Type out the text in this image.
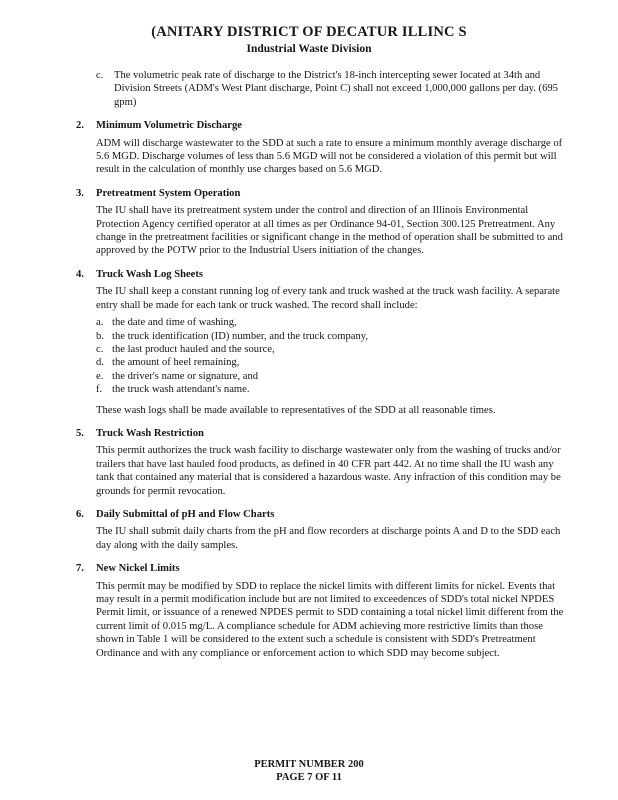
(ANITARY DISTRICT OF DECATUR ILLINC S
Industrial Waste Division
c.	The volumetric peak rate of discharge to the District's 18-inch intercepting sewer located at 34th and Division Streets (ADM's West Plant discharge, Point C) shall not exceed 1,000,000 gallons per day. (695 gpm)
2.	Minimum Volumetric Discharge
ADM will discharge wastewater to the SDD at such a rate to ensure a minimum monthly average discharge of 5.6 MGD. Discharge volumes of less than 5.6 MGD will not be considered a violation of this permit but will result in the calculation of monthly use charges based on 5.6 MGD.
3.	Pretreatment System Operation
The IU shall have its pretreatment system under the control and direction of an Illinois Environmental Protection Agency certified operator at all times as per Ordinance 94-01, Section 300.125 Pretreatment. Any change in the pretreatment facilities or significant change in the method of operation shall be submitted to and approved by the POTW prior to the Industrial Users initiation of the changes.
4.	Truck Wash Log Sheets
The IU shall keep a constant running log of every tank and truck washed at the truck wash facility. A separate entry shall be made for each tank or truck washed. The record shall include:
a. the date and time of washing,
b. the truck identification (ID) number, and the truck company,
c. the last product hauled and the source,
d. the amount of heel remaining,
e. the driver's name or signature, and
f. the truck wash attendant's name.
These wash logs shall be made available to representatives of the SDD at all reasonable times.
5.	Truck Wash Restriction
This permit authorizes the truck wash facility to discharge wastewater only from the washing of trucks and/or trailers that have last hauled food products, as defined in 40 CFR part 442. At no time shall the IU wash any tank that contained any material that is considered a hazardous waste. Any infraction of this condition may be grounds for permit revocation.
6.	Daily Submittal of pH and Flow Charts
The IU shall submit daily charts from the pH and flow recorders at discharge points A and D to the SDD each day along with the daily samples.
7.	New Nickel Limits
This permit may be modified by SDD to replace the nickel limits with different limits for nickel. Events that may result in a permit modification include but are not limited to exceedences of SDD's total nickel NPDES Permit limit, or issuance of a renewed NPDES permit to SDD containing a total nickel limit different from the current limit of 0.015 mg/L. A compliance schedule for ADM achieving more restrictive limits than those shown in Table 1 will be considered to the extent such a schedule is consistent with SDD's Pretreatment Ordinance and with any compliance or enforcement action to which SDD may become subject.
PERMIT NUMBER 200
PAGE 7 OF 11
